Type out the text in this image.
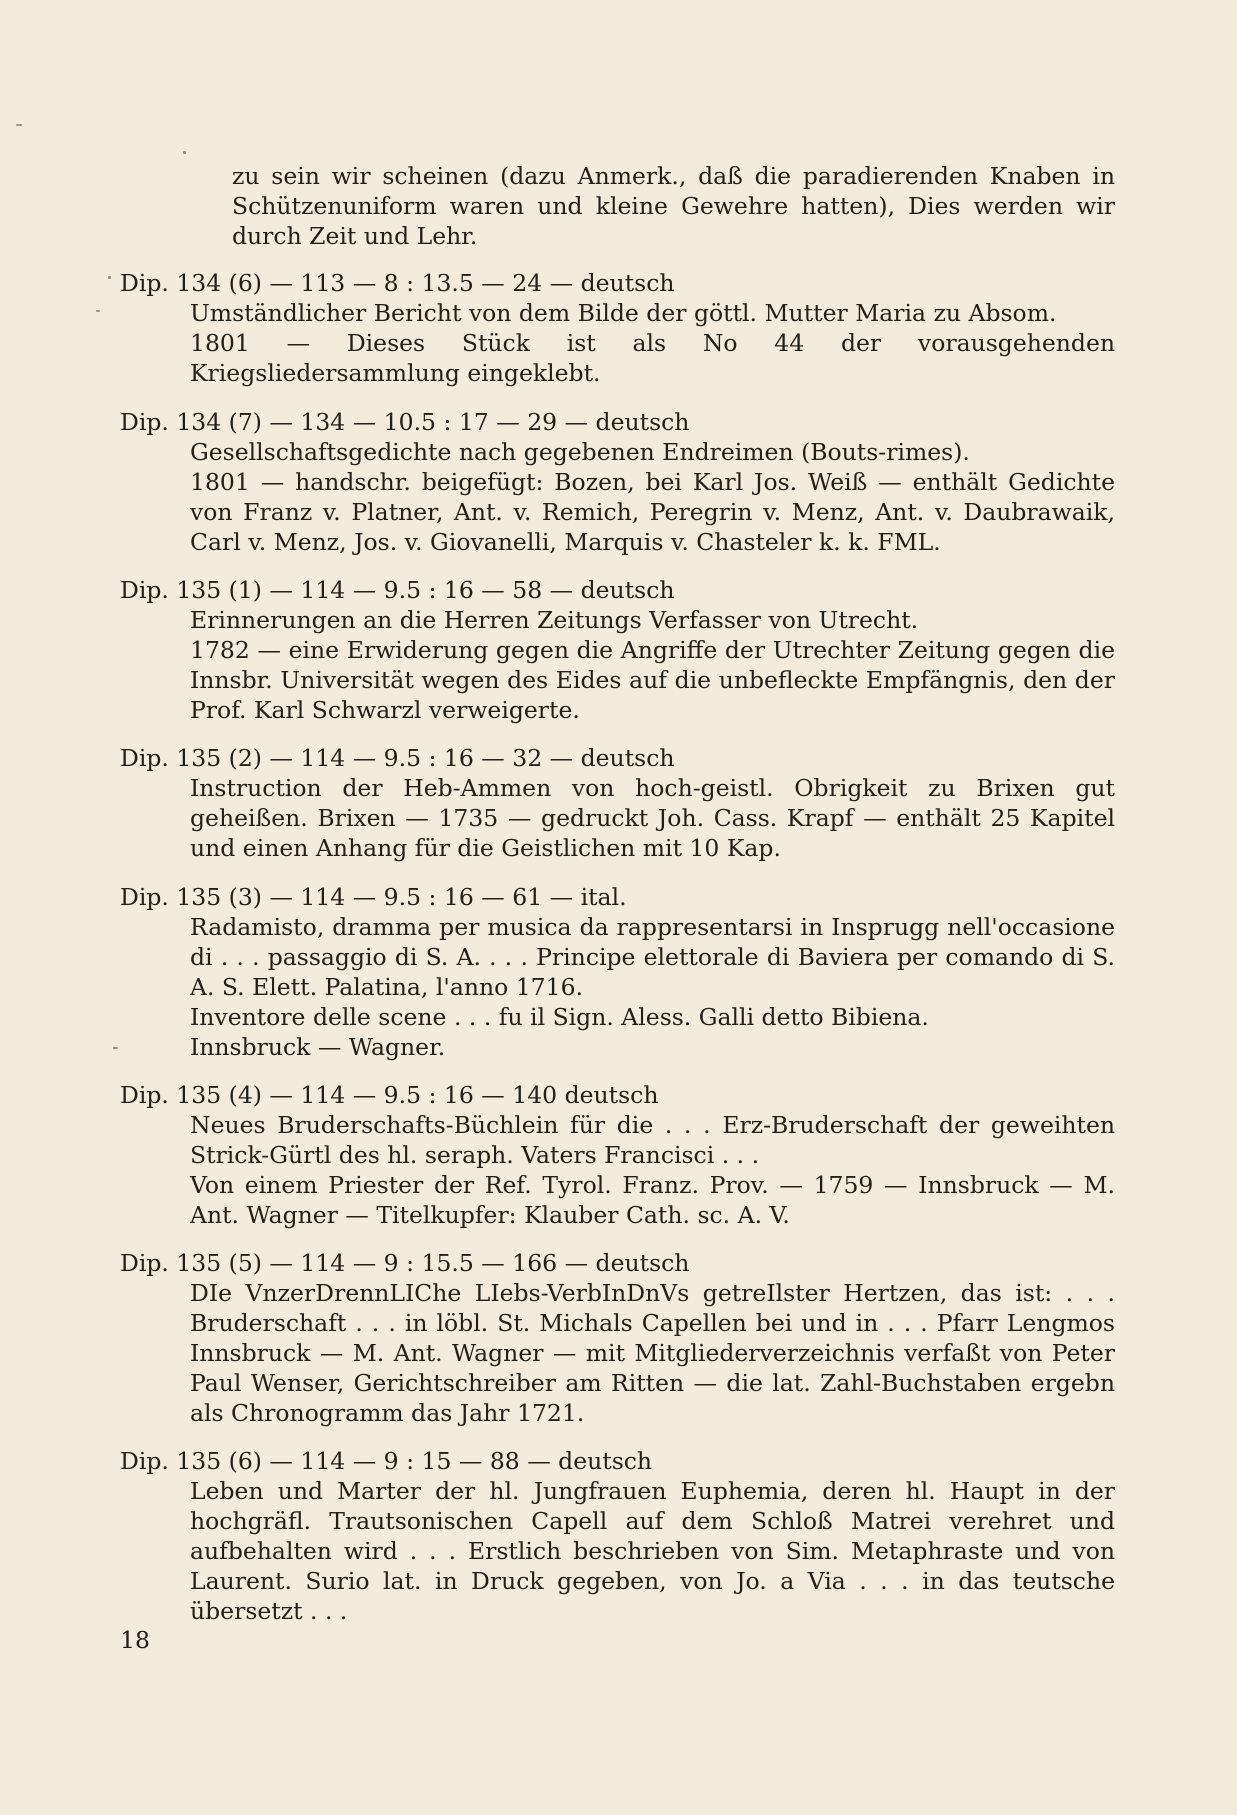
zu sein wir scheinen (dazu Anmerk., daß die paradierenden Knaben in Schützenuniform waren und kleine Gewehre hatten), Dies werden wir durch Zeit und Lehr.
Dip. 134 (6) — 113 — 8 : 13.5 — 24 — deutsch

Umständlicher Bericht von dem Bilde der göttl. Mutter Maria zu Absom.

1801 — Dieses Stück ist als No 44 der vorausgehenden Kriegsliedersammlung eingeklebt.

Dip. 134 (7) — 134 — 10.5 : 17 — 29 — deutsch

Gesellschaftsgedichte nach gegebenen Endreimen (Bouts-rimes).

1801 — handschr. beigefügt: Bozen, bei Karl Jos. Weiß — enthält Gedichte von Franz v. Platner, Ant. v. Remich, Peregrin v. Menz, Ant. v. Daubrawaik, Carl v. Menz, Jos. v. Giovanelli, Marquis v. Chasteler k. k. FML.

Dip. 135 (1) — 114 — 9.5 : 16 — 58 — deutsch

Erinnerungen an die Herren Zeitungs Verfasser von Utrecht.

1782 — eine Erwiderung gegen die Angriffe der Utrechter Zeitung gegen die Innsbr. Universität wegen des Eides auf die unbefleckte Empfängnis, den der Prof. Karl Schwarzl verweigerte.

Dip. 135 (2) — 114 — 9.5 : 16 — 32 — deutsch

Instruction der Heb-Ammen von hoch-geistl. Obrigkeit zu Brixen gut geheißen. Brixen — 1735 — gedruckt Joh. Cass. Krapf — enthält 25 Kapitel und einen Anhang für die Geistlichen mit 10 Kap.

Dip. 135 (3) — 114 — 9.5 : 16 — 61 — ital.

Radamisto, dramma per musica da rappresentarsi in Insprugg nell'occasione di . . . passaggio di S. A. . . . Principe elettorale di Baviera per comando di S. A. S. Elett. Palatina, l'anno 1716.

Inventore delle scene . . . fu il Sign. Aless. Galli detto Bibiena.

Innsbruck — Wagner.

Dip. 135 (4) — 114 — 9.5 : 16 — 140 deutsch

Neues Bruderschafts-Büchlein für die . . . Erz-Bruderschaft der geweihten Strick-Gürtl des hl. seraph. Vaters Francisci . . .

Von einem Priester der Ref. Tyrol. Franz. Prov. — 1759 — Innsbruck — M. Ant. Wagner — Titelkupfer: Klauber Cath. sc. A. V.

Dip. 135 (5) — 114 — 9 : 15.5 — 166 — deutsch

DIe VnzerDrennLIChe LIebs-VerbInDnVs getreIlster Hertzen, das ist: . . . Bruderschaft . . . in löbl. St. Michals Capellen bei und in . . . Pfarr Lengmos Innsbruck — M. Ant. Wagner — mit Mitgliederverzeichnis verfaßt von Peter Paul Wenser, Gerichtschreiber am Ritten — die lat. Zahl-Buchstaben ergebn als Chronogramm das Jahr 1721.

Dip. 135 (6) — 114 — 9 : 15 — 88 — deutsch

Leben und Marter der hl. Jungfrauen Euphemia, deren hl. Haupt in der hochgräfl. Trautsonischen Capell auf dem Schloß Matrei verehret und aufbehalten wird . . . Erstlich beschrieben von Sim. Metaphraste und von Laurent. Surio lat. in Druck gegeben, von Jo. a Via . . . in das teutsche übersetzt . . .

18
